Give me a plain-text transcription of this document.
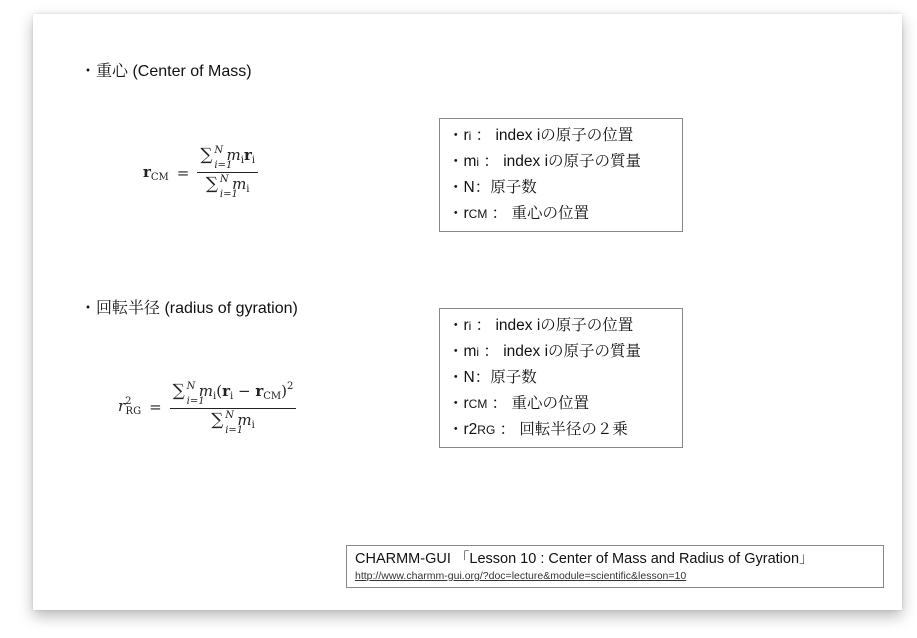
・重心 (Center of Mass)
$r_{CM}$ = ∑ N
i=1
$m_ir_i$
∑ N
i=1
$m_i$
・ri ： index iの原子の位置
・mi ： index iの原子の質量
・N：原子数
・rCM ： 重心の位置
・回転半径 (radius of gyration)
$r^2_{RG}$ = ∑ N
i=1
$m_i(r_i - r_{CM})^2$
∑ N
i=1
$m_i$
・ri ： index iの原子の位置
・mi ： index iの原子の質量
・N：原子数
・rCM ： 重心の位置
・r2RG ： 回転半径の２乗
CHARMM-GUI 「Lesson 10 : Center of Mass and Radius of Gyration」
http://www.charmm-gui.org/?doc=lecture&module=scientific&lesson=10
